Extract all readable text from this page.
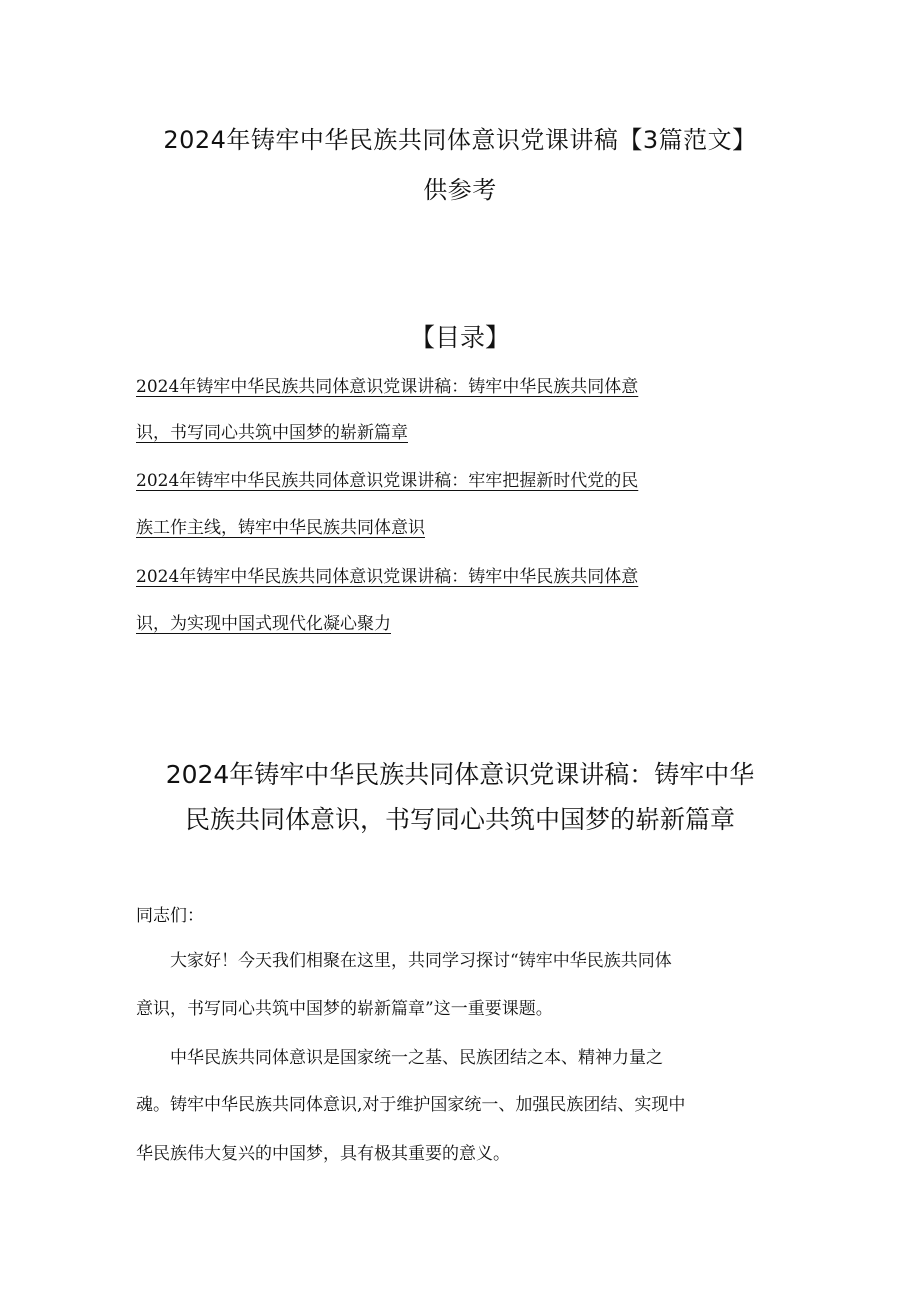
2024年铸牢中华民族共同体意识党课讲稿【3篇范文】
供参考
【目录】
2024年铸牢中华民族共同体意识党课讲稿：铸牢中华民族共同体意
识，书写同心共筑中国梦的崭新篇章
2024年铸牢中华民族共同体意识党课讲稿：牢牢把握新时代党的民
族工作主线，铸牢中华民族共同体意识
2024年铸牢中华民族共同体意识党课讲稿：铸牢中华民族共同体意
识，为实现中国式现代化凝心聚力
2024年铸牢中华民族共同体意识党课讲稿：铸牢中华
民族共同体意识，书写同心共筑中国梦的崭新篇章

同志们：

大家好！今天我们相聚在这里，共同学习探讨“铸牢中华民族共同体

意识，书写同心共筑中国梦的崭新篇章”这一重要课题。

中华民族共同体意识是国家统一之基、民族团结之本、精神力量之

魂。铸牢中华民族共同体意识,对于维护国家统一、加强民族团结、实现中

华民族伟大复兴的中国梦，具有极其重要的意义。
